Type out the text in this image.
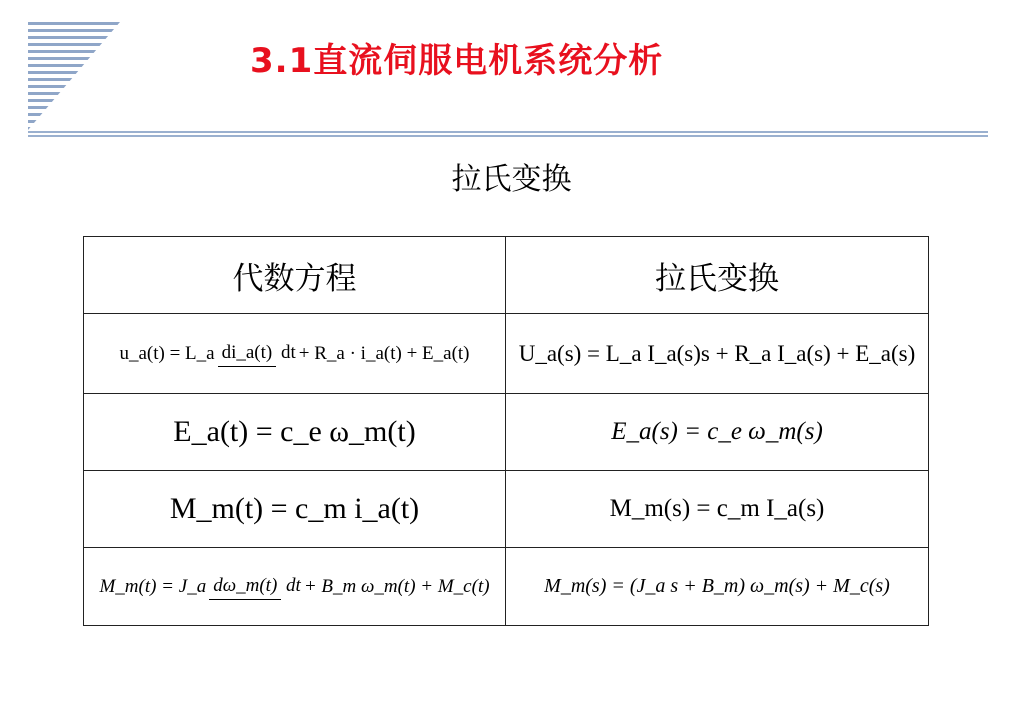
3.1直流伺服电机系统分析
拉氏变换
代数方程	拉氏变换

u_a(t) = L_a di_a(t) dt + R_a · i_a(t) + E_a(t)	U_a(s) = L_a I_a(s)s + R_a I_a(s) + E_a(s)
E_a(t) = c_e ω_m(t)	E_a(s) = c_e ω_m(s)
M_m(t) = c_m i_a(t)	M_m(s) = c_m I_a(s)

M_m(t) = J_a dω_m(t) dt + B_m ω_m(t) + M_c(t)	M_m(s) = (J_a s + B_m) ω_m(s) + M_c(s)
